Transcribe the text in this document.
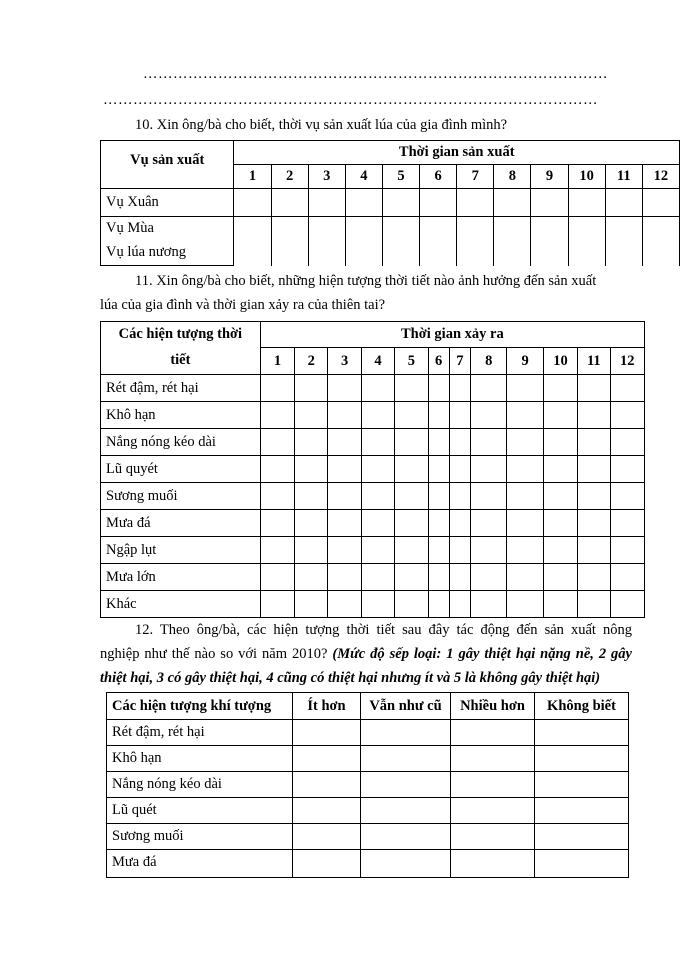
…………………………………………………………………………………
………………………………………………………………………………………
10. Xin ông/bà cho biết, thời vụ sản xuất lúa của gia đình mình?
Vụ sản xuất	Thời gian sản xuất											
	1	2	3	4	5	6	7	8	9	10	11	12
Vụ Xuân												
Vụ Mùa												
Vụ lúa nương												
11. Xin ông/bà cho biết, những hiện tượng thời tiết nào ảnh hưởng đến sản xuất
lúa của gia đình và thời gian xảy ra của thiên tai?
Các hiện tượng thời	Thời gian xảy ra											
tiết	1	2	3	4	5	6	7	8	9	10	11	12
Rét đậm, rét hại												
Khô hạn												
Nắng nóng kéo dài												
Lũ quyét												
Sương muối												
Mưa đá												
Ngập lụt												
Mưa lớn												
Khác												
12. Theo ông/bà, các hiện tượng thời tiết sau đây tác động đến sản xuất nông
nghiệp như thế nào so với năm 2010? (Mức độ sếp loại: 1 gây thiệt hại nặng nề, 2 gây
thiệt hại, 3 có gây thiệt hại, 4 cũng có thiệt hại nhưng ít và 5 là không gây thiệt hại)
Các hiện tượng khí tượng	Ít hơn	Vẫn như cũ	Nhiều hơn	Không biết
Rét đậm, rét hại				
Khô hạn				
Nắng nóng kéo dài				
Lũ quét				
Sương muối				
Mưa đá				
